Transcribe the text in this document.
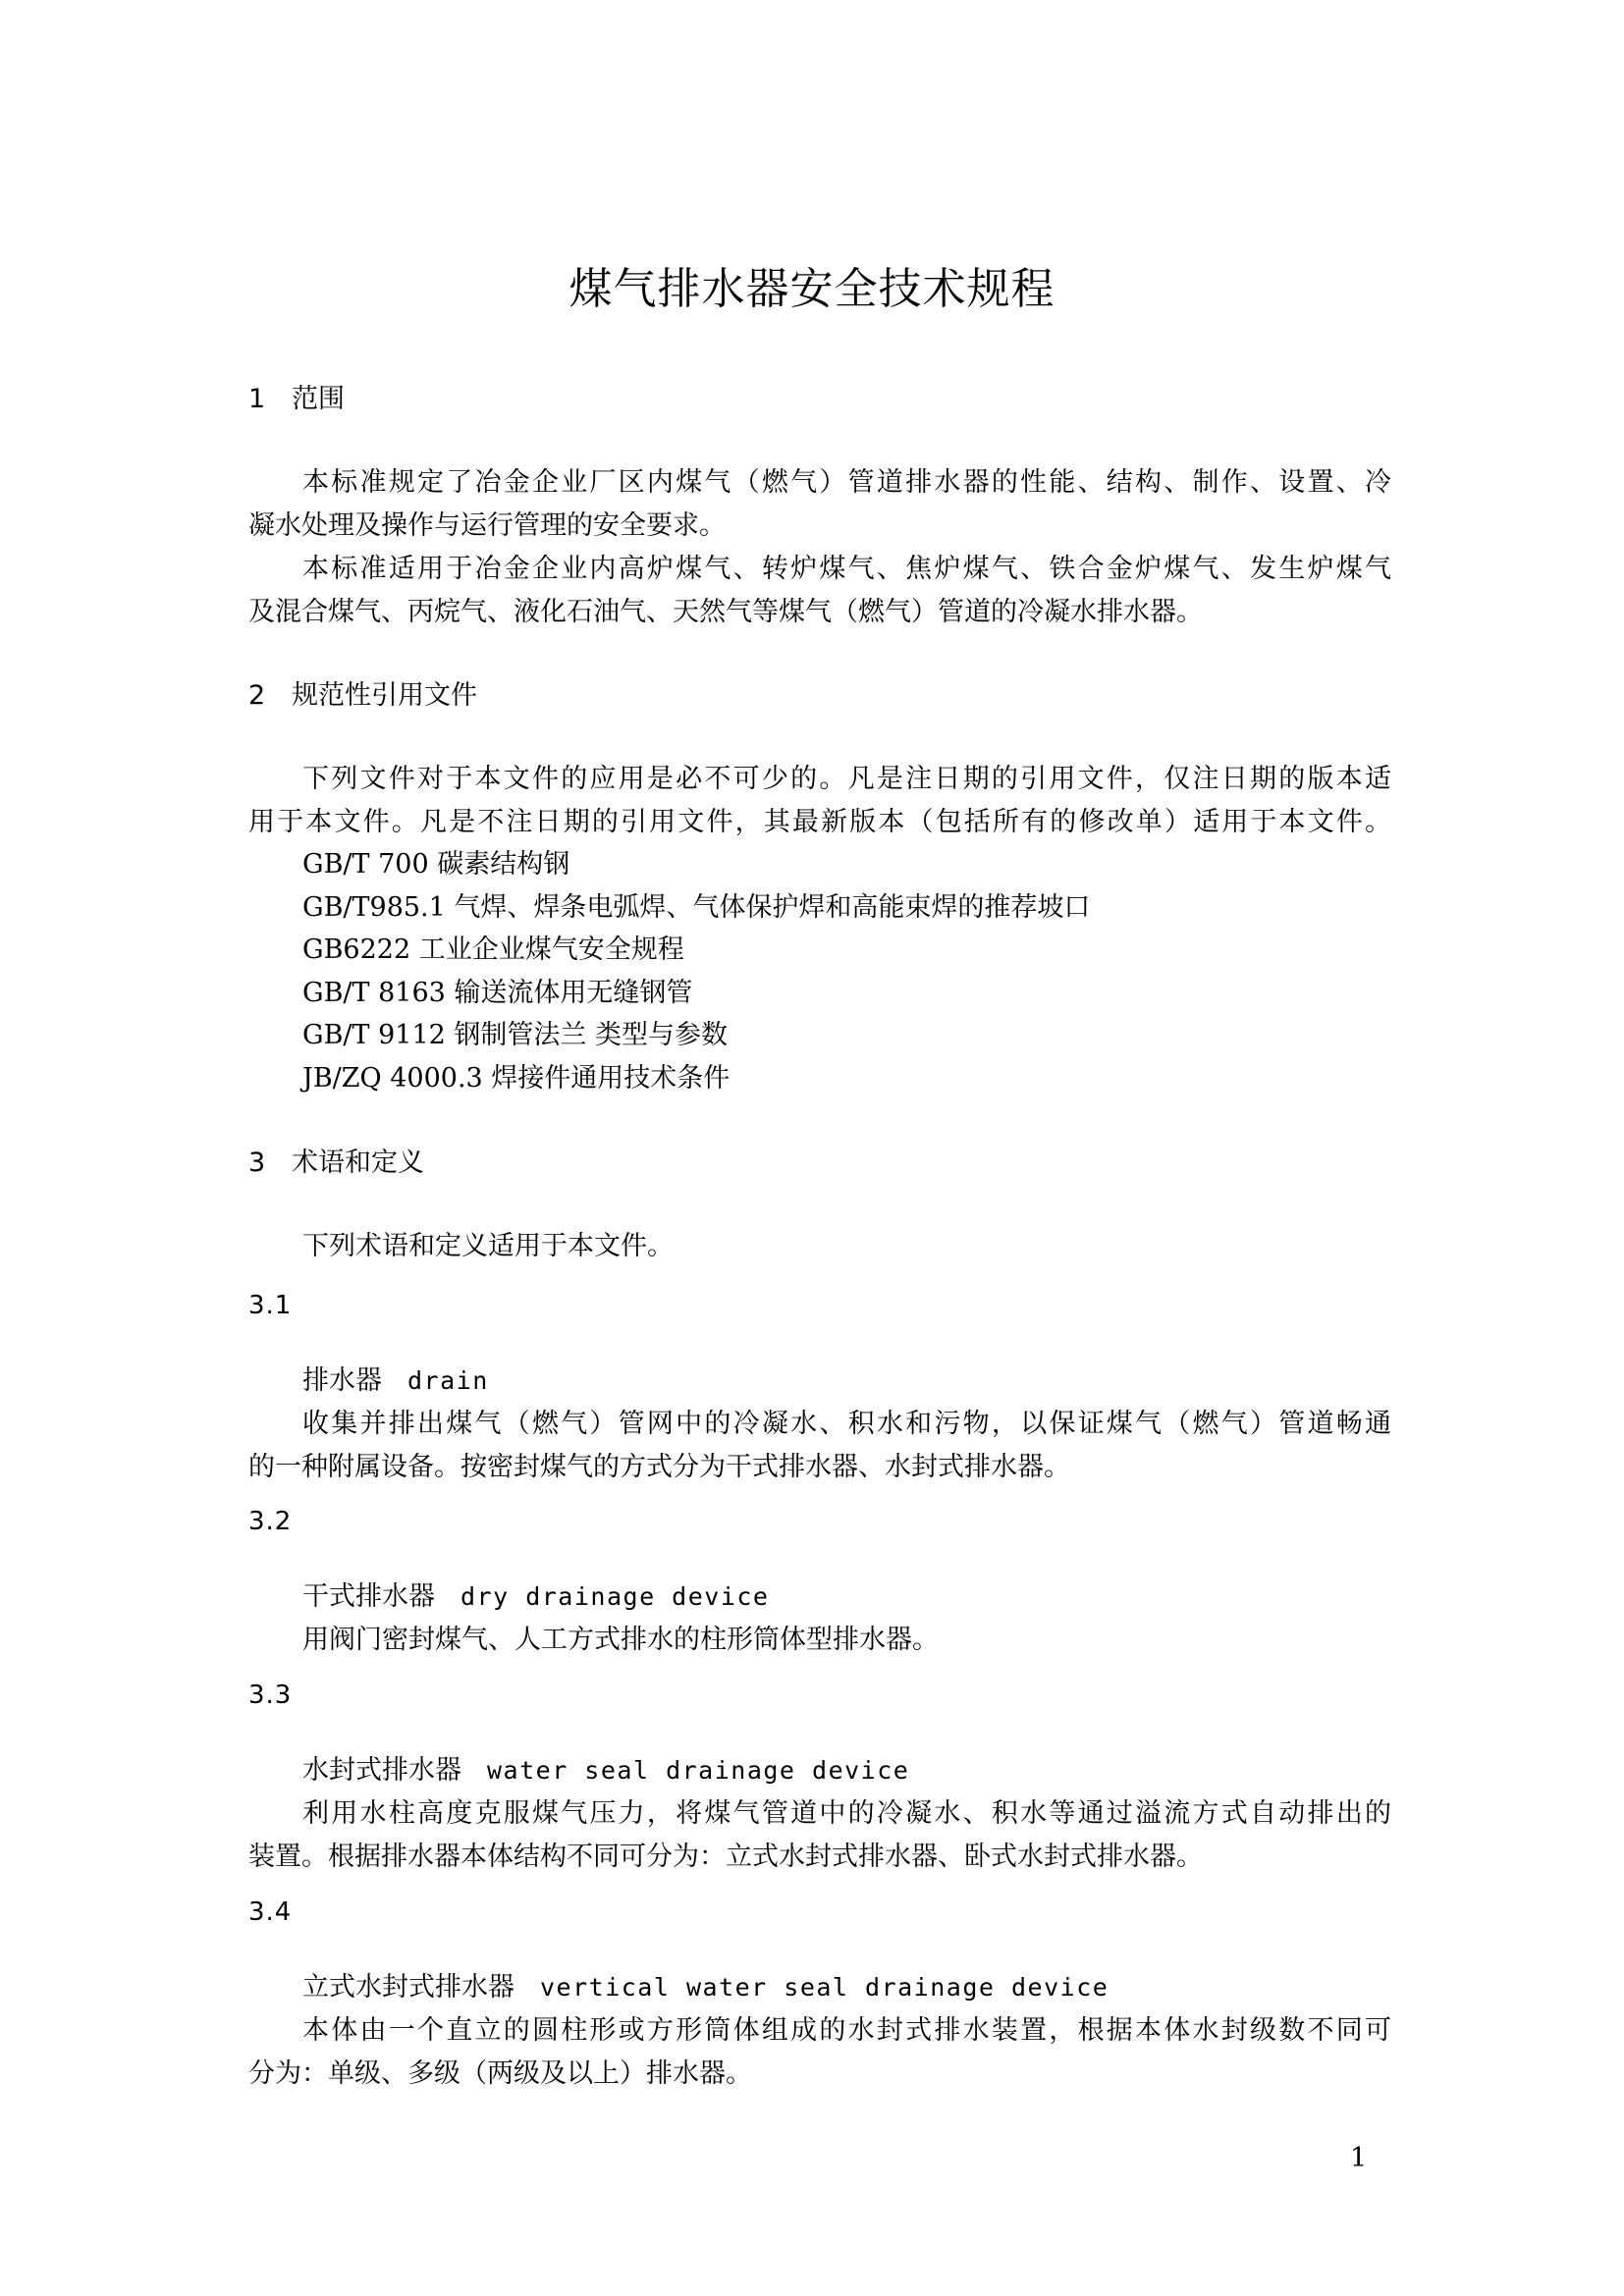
煤气排水器安全技术规程
1 范围
本标准规定了冶金企业厂区内煤气（燃气）管道排水器的性能、结构、制作、设置、冷
凝水处理及操作与运行管理的安全要求。
本标准适用于冶金企业内高炉煤气、转炉煤气、焦炉煤气、铁合金炉煤气、发生炉煤气
及混合煤气、丙烷气、液化石油气、天然气等煤气（燃气）管道的冷凝水排水器。
2 规范性引用文件
下列文件对于本文件的应用是必不可少的。凡是注日期的引用文件，仅注日期的版本适
用于本文件。凡是不注日期的引用文件，其最新版本（包括所有的修改单）适用于本文件。
GB/T 700 碳素结构钢
GB/T985.1 气焊、焊条电弧焊、气体保护焊和高能束焊的推荐坡口
GB6222 工业企业煤气安全规程
GB/T 8163 输送流体用无缝钢管
GB/T 9112 钢制管法兰 类型与参数
JB/ZQ 4000.3 焊接件通用技术条件
3 术语和定义
下列术语和定义适用于本文件。
3.1
排水器 drain
收集并排出煤气（燃气）管网中的冷凝水、积水和污物，以保证煤气（燃气）管道畅通
的一种附属设备。按密封煤气的方式分为干式排水器、水封式排水器。
3.2
干式排水器 dry drainage device
用阀门密封煤气、人工方式排水的柱形筒体型排水器。
3.3
水封式排水器 water seal drainage device
利用水柱高度克服煤气压力，将煤气管道中的冷凝水、积水等通过溢流方式自动排出的
装置。根据排水器本体结构不同可分为：立式水封式排水器、卧式水封式排水器。
3.4
立式水封式排水器 vertical water seal drainage device
本体由一个直立的圆柱形或方形筒体组成的水封式排水装置，根据本体水封级数不同可
分为：单级、多级（两级及以上）排水器。
1
